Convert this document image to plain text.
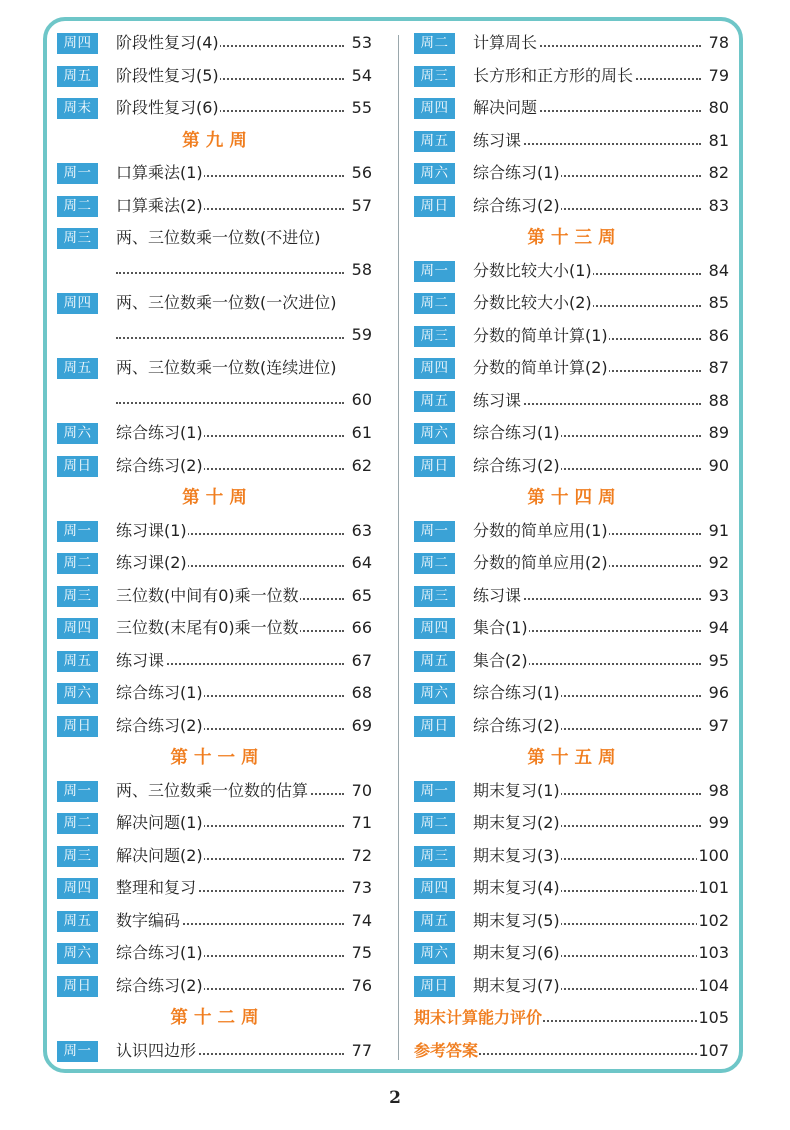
周四	阶段性复习(4)	53
周五	阶段性复习(5)	54
周末	阶段性复习(6)	55
第 九 周
周一	口算乘法(1)	56
周二	口算乘法(2)	57
周三	两、三位数乘一位数(不进位)
58
周四	两、三位数乘一位数(一次进位)
59
周五	两、三位数乘一位数(连续进位)
60
周六	综合练习(1)	61
周日	综合练习(2)	62
第 十 周
周一	练习课(1)	63
周二	练习课(2)	64
周三	三位数(中间有0)乘一位数	65
周四	三位数(末尾有0)乘一位数	66
周五	练习课	67
周六	综合练习(1)	68
周日	综合练习(2)	69
第 十 一 周
周一	两、三位数乘一位数的估算	70
周二	解决问题(1)	71
周三	解决问题(2)	72
周四	整理和复习	73
周五	数字编码	74
周六	综合练习(1)	75
周日	综合练习(2)	76
第 十 二 周
周一	认识四边形	77
周二	计算周长	78
周三	长方形和正方形的周长	79
周四	解决问题	80
周五	练习课	81
周六	综合练习(1)	82
周日	综合练习(2)	83
第 十 三 周
周一	分数比较大小(1)	84
周二	分数比较大小(2)	85
周三	分数的简单计算(1)	86
周四	分数的简单计算(2)	87
周五	练习课	88
周六	综合练习(1)	89
周日	综合练习(2)	90
第 十 四 周
周一	分数的简单应用(1)	91
周二	分数的简单应用(2)	92
周三	练习课	93
周四	集合(1)	94
周五	集合(2)	95
周六	综合练习(1)	96
周日	综合练习(2)	97
第 十 五 周
周一	期末复习(1)	98
周二	期末复习(2)	99
周三	期末复习(3)	100
周四	期末复习(4)	101
周五	期末复习(5)	102
周六	期末复习(6)	103
周日	期末复习(7)	104
期末计算能力评价	105
参考答案	107
2
